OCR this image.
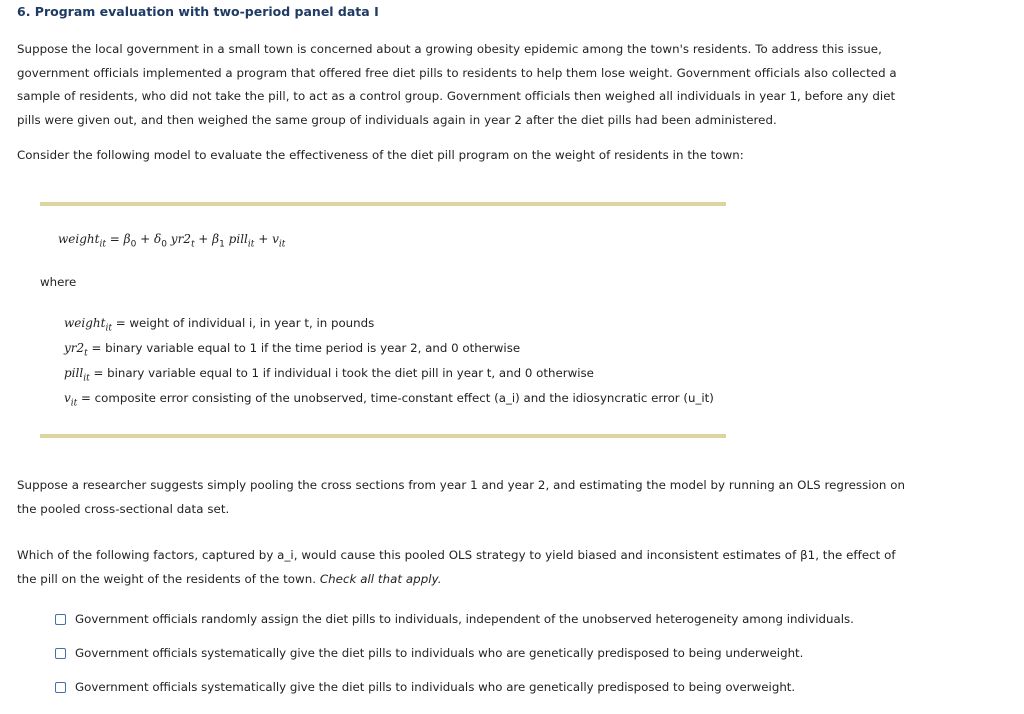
6. Program evaluation with two-period panel data I
Suppose the local government in a small town is concerned about a growing obesity epidemic among the town's residents. To address this issue, government officials implemented a program that offered free diet pills to residents to help them lose weight. Government officials also collected a sample of residents, who did not take the pill, to act as a control group. Government officials then weighed all individuals in year 1, before any diet pills were given out, and then weighed the same group of individuals again in year 2 after the diet pills had been administered.
Consider the following model to evaluate the effectiveness of the diet pill program on the weight of residents in the town:
weight$_{it}$ = $\beta_0 + \delta_0$ $yr2_t + \beta_1$ pill$_{it}$ + $v_{it}$
where
weight$_{it}$ = weight of individual i, in year t, in pounds
$yr2_t$ = binary variable equal to 1 if the time period is year 2, and 0 otherwise
pill$_{it}$ = binary variable equal to 1 if individual i took the diet pill in year t, and 0 otherwise
$v_{it}$ = composite error consisting of the unobserved, time-constant effect (a_i) and the idiosyncratic error (u_it)
Suppose a researcher suggests simply pooling the cross sections from year 1 and year 2, and estimating the model by running an OLS regression on the pooled cross-sectional data set.
Which of the following factors, captured by a_i, would cause this pooled OLS strategy to yield biased and inconsistent estimates of β1, the effect of the pill on the weight of the residents of the town. Check all that apply.
Government officials randomly assign the diet pills to individuals, independent of the unobserved heterogeneity among individuals.
Government officials systematically give the diet pills to individuals who are genetically predisposed to being underweight.
Government officials systematically give the diet pills to individuals who are genetically predisposed to being overweight.
